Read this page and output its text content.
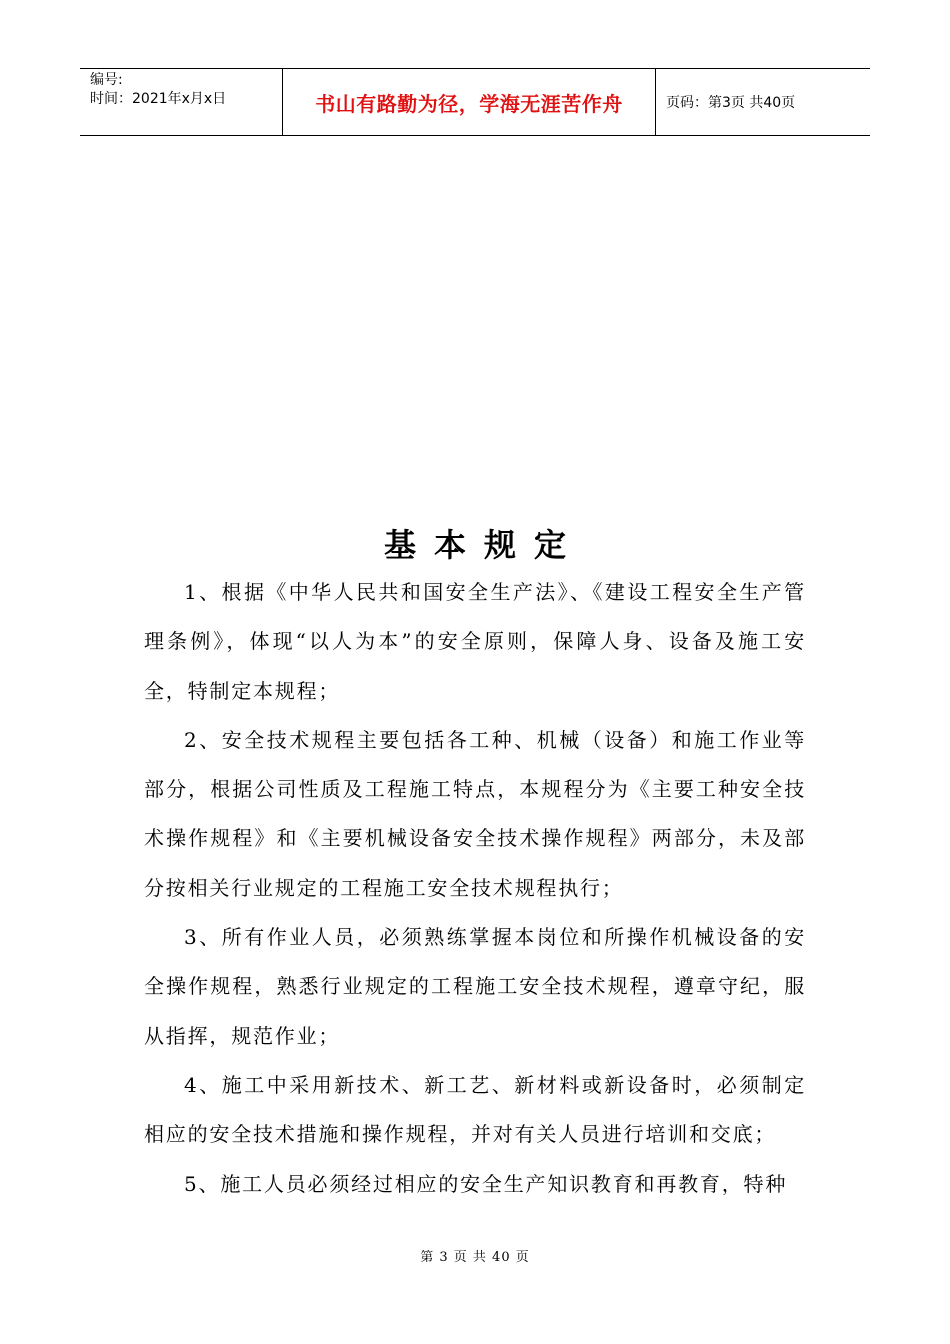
编号:
时间：2021年x月x日	书山有路勤为径，学海无涯苦作舟	页码：第3页 共40页
基本规定

1、根据《中华人民共和国安全生产法》、《建设工程安全生产管理条例》，体现“以人为本”的安全原则，保障人身、设备及施工安全，特制定本规程；

2、安全技术规程主要包括各工种、机械（设备）和施工作业等部分，根据公司性质及工程施工特点，本规程分为《主要工种安全技术操作规程》和《主要机械设备安全技术操作规程》两部分，未及部分按相关行业规定的工程施工安全技术规程执行；

3、所有作业人员，必须熟练掌握本岗位和所操作机械设备的安全操作规程，熟悉行业规定的工程施工安全技术规程，遵章守纪，服从指挥，规范作业；

4、施工中采用新技术、新工艺、新材料或新设备时，必须制定相应的安全技术措施和操作规程，并对有关人员进行培训和交底；

5、施工人员必须经过相应的安全生产知识教育和再教育，特种

第 3 页 共 40 页
